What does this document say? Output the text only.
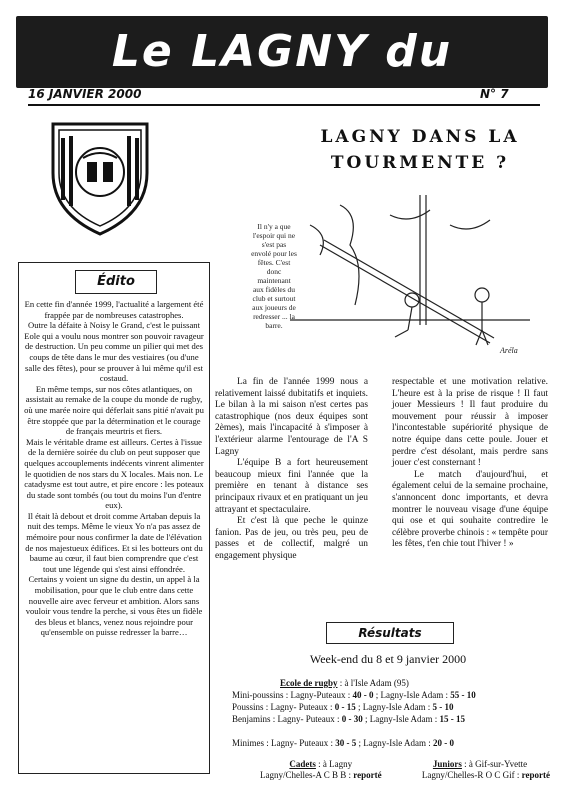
Le LAGNY du RUGBY
16 JANVIER 2000	N° 7
LAGNY DANS LA
TOURMENTE ?
Aréla
Il n'y a que l'espoir qui ne s'est pas envolé pour les fêtes. C'est donc maintenant aux fidèles du club et surtout aux joueurs de redresser ... la barre.
Édito

En cette fin d'année 1999, l'actualité a largement été frappée par de nombreuses catastrophes.

Outre la défaite à Noisy le Grand, c'est le puissant Eole qui a voulu nous montrer son pouvoir ravageur de destruction. Un peu comme un pilier qui met des coups de tête dans le mur des vestiaires (ou d'une salle des fêtes), pour se prouver à lui même qu'il est costaud.

En même temps, sur nos côtes atlantiques, on assistait au remake de la coupe du monde de rugby, où une marée noire qui déferlait sans pitié n'avait pu être stoppée que par la détermination et le courage de français meurtris et fiers.

Mais le véritable drame est ailleurs. Certes à l'issue de la dernière soirée du club on peut supposer que quelques accouplements indécents vinrent alimenter le quotidien de nos stars du X locales. Mais non. Le catadysme est tout autre, et pire encore : les poteaux du stade sont tombés (ou tout du moins l'un d'entre eux).

Il était là debout et droit comme Artaban depuis la nuit des temps. Même le vieux Yo n'a pas assez de mémoire pour nous confirmer la date de l'élévation de nos majestueux édifices. Et si les botteurs ont du baume au cœur, il faut bien comprendre que c'est tout une légende qui s'est ainsi effondrée.

Certains y voient un signe du destin, un appel à la mobilisation, pour que le club entre dans cette nouvelle aire avec ferveur et ambition. Alors sans vouloir vous tendre la perche, si vous êtes un fidèle des bleus et blancs, venez nous rejoindre pour qu'ensemble on puisse redresser la barre…

La fin de l'année 1999 nous a relativement laissé dubitatifs et inquiets. Le bilan à la mi saison n'est certes pas catastrophique (nos deux équipes sont 2èmes), mais l'incapacité à s'imposer à l'extérieur alarme l'entourage de l'A S Lagny

L'équipe B a fort heureusement beaucoup mieux fini l'année que la première en tenant à distance ses principaux rivaux et en pratiquant un jeu attrayant et spectaculaire.

Et c'est là que peche le quinze fanion. Pas de jeu, ou très peu, peu de passes et de collectif, malgré un engagement physique

respectable et une motivation relative. L'heure est à la prise de risque ! Il faut jouer Messieurs ! Il faut produire du mouvement pour réussir à imposer l'incontestable supériorité physique de notre équipe dans cette poule. Jouer et perdre c'est désolant, mais perdre sans jouer c'est consternant !

Le match d'aujourd'hui, et également celui de la semaine prochaine, s'annoncent donc importants, et devra montrer le nouveau visage d'une équipe qui ose et qui souhaite contredire le célèbre proverbe chinois : « tempête pour les fêtes, t'en chie tout l'hiver ! »

Résultats
Week-end du 8 et 9 janvier 2000
Ecole de rugby : à l'Isle Adam (95)
Mini-poussins : Lagny-Puteaux : 40 - 0 ; Lagny-Isle Adam : 55 - 10
Poussins : Lagny- Puteaux : 0 - 15 ; Lagny-Isle Adam : 5 - 10
Benjamins : Lagny- Puteaux : 0 - 30 ; Lagny-Isle Adam : 15 - 15
Minimes : Lagny- Puteaux : 30 - 5 ; Lagny-Isle Adam : 20 - 0
Cadets : à Lagny
Lagny/Chelles-A C B B : reporté
Juniors : à Gif-sur-Yvette
Lagny/Chelles-R O C Gif : reporté
